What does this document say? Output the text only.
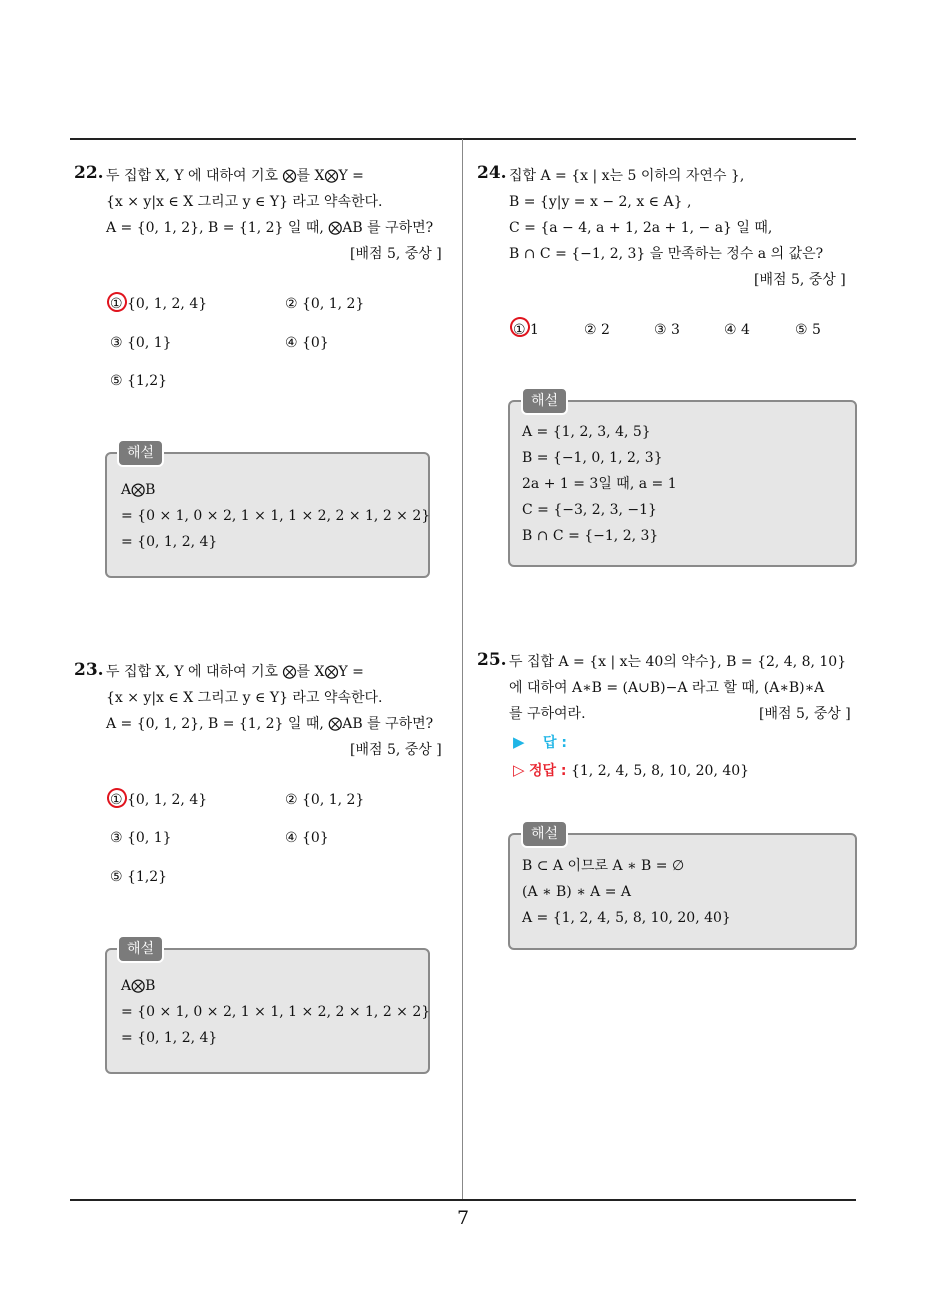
7
22. 두 집합 X, Y 에 대하여 기호 ⨂를 X⨂Y =
{x × y|x ∈ X 그리고 y ∈ Y} 라고 약속한다.
A = {0, 1, 2}, B = {1, 2} 일 때, ⨂AB 를 구하면?
[배점 5, 중상 ]
① {0, 1, 2, 4}	② {0, 1, 2}
③ {0, 1}	④ {0}
⑤ {1,2}
해설
A⨂B
= {0 × 1, 0 × 2, 1 × 1, 1 × 2, 2 × 1, 2 × 2}
= {0, 1, 2, 4}
23. 두 집합 X, Y 에 대하여 기호 ⨂를 X⨂Y =
{x × y|x ∈ X 그리고 y ∈ Y} 라고 약속한다.
A = {0, 1, 2}, B = {1, 2} 일 때, ⨂AB 를 구하면?
[배점 5, 중상 ]
① {0, 1, 2, 4}	② {0, 1, 2}
③ {0, 1}	④ {0}
⑤ {1,2}
해설
A⨂B
= {0 × 1, 0 × 2, 1 × 1, 1 × 2, 2 × 1, 2 × 2}
= {0, 1, 2, 4}
24. 집합 A = {x | x는 5 이하의 자연수 },
B = {y|y = x − 2, x ∈ A} ,
C = {a − 4, a + 1, 2a + 1, − a} 일 때,
B ∩ C = {−1, 2, 3} 을 만족하는 정수 a 의 값은?
[배점 5, 중상 ]
① 1	② 2	③ 3	④ 4	⑤ 5
해설
A = {1, 2, 3, 4, 5}
B = {−1, 0, 1, 2, 3}
2a + 1 = 3일 때, a = 1
C = {−3, 2, 3, −1}
B ∩ C = {−1, 2, 3}
25. 두 집합 A = {x | x는 40의 약수}, B = {2, 4, 8, 10}
에 대하여 A∗B = (A∪B)−A 라고 할 때, (A∗B)∗A
를 구하여라.	[배점 5, 중상 ]
▶ 답 :
▷ 정답 : {1, 2, 4, 5, 8, 10, 20, 40}
해설
B ⊂ A 이므로 A ∗ B = ∅
(A ∗ B) ∗ A = A
A = {1, 2, 4, 5, 8, 10, 20, 40}
